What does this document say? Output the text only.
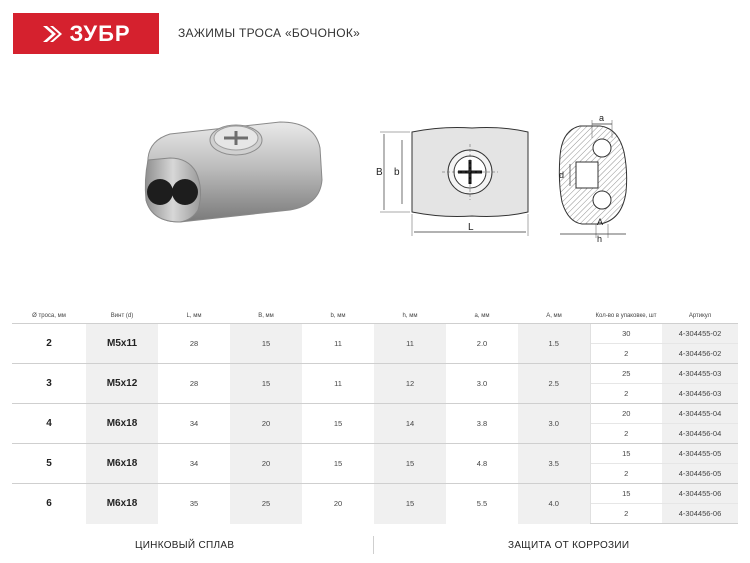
ЗУБР	ЗАЖИМЫ ТРОСА «БОЧОНОК»
B b
L
a
d
A
h
Ø троса, мм	Винт (d)	L, мм	B, мм	b, мм	h, мм	a, мм	A, мм	Кол-во в упаковке, шт	Артикул
2	M5x11	28	15	11	11	2.0	1.5	30	4-304455-02
								2	4-304456-02
3	M5x12	28	15	11	12	3.0	2.5	25	4-304455-03
								2	4-304456-03
4	M6x18	34	20	15	14	3.8	3.0	20	4-304455-04
								2	4-304456-04
5	M6x18	34	20	15	15	4.8	3.5	15	4-304455-05
								2	4-304456-05
6	M6x18	35	25	20	15	5.5	4.0	15	4-304455-06
								2	4-304456-06
ЦИНКОВЫЙ СПЛАВ	ЗАЩИТА ОТ КОРРОЗИИ
